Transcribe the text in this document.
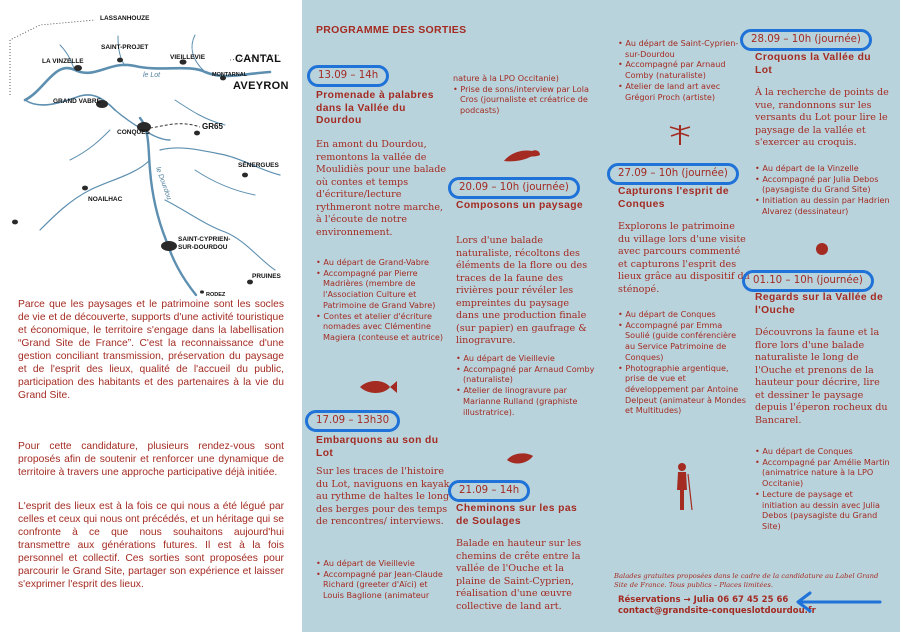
LASSANHOUZE
LA VINZELLE
SAINT-PROJET
VIEILLEVIE	CANTAL
le Lot	MONTARNAL
AVEYRON
GRAND VABRE
CONQUES
GR65
SÉNERGUES
le Dourdou
NOAILHAC
SAINT-CYPRIEN-
SUR-DOURDOU
PRUINES
RODEZ

Parce que les paysages et le patrimoine sont les socles de vie et de découverte, supports d'une activité touristique et économique, le territoire s'engage dans la labellisation “Grand Site de France”. C'est la reconnaissance d'une gestion conciliant transmission, préservation du paysage et de l'esprit des lieux, qualité de l'accueil du public, participation des habitants et des partenaires à la vie du Grand Site.

Pour cette candidature, plusieurs rendez-vous sont proposés afin de soutenir et renforcer une dynamique de territoire à travers une approche participative déjà initiée.

L'esprit des lieux est à la fois ce qui nous a été légué par celles et ceux qui nous ont précédés, et un héritage qui se confronte à ce que nous souhaitons aujourd'hui transmettre aux générations futures. Il est à la fois personnel et collectif. Ces sorties sont proposées pour parcourir le Grand Site, partager son expérience et laisser s'exprimer l'esprit des lieux.

PROGRAMME DES SORTIES
13.09 – 14h
Promenade à palabres dans la Vallée du Dourdou
En amont du Dourdou, remontons la vallée de Moulidiès pour une balade où contes et temps d'écriture/lecture rythmeront notre marche, à l'écoute de notre environnement.
• Au départ de Grand-Vabre
• Accompagné par Pierre Madrières (membre de l'Association Culture et Patrimoine de Grand Vabre)
• Contes et atelier d'écriture nomades avec Clémentine Magiera (conteuse et autrice)
17.09 – 13h30
Embarquons au son du Lot
Sur les traces de l'histoire du Lot, naviguons en kayak au rythme de haltes le long des berges pour des temps de rencontres/ interviews.
• Au départ de Vieillevie
• Accompagné par Jean-Claude Richard (greeter d'Aïci) et Louis Baglione (animateur
nature à la LPO Occitanie)
• Prise de sons/interview par Lola Cros (journaliste et créatrice de podcasts)
20.09 – 10h (journée)
Composons un paysage
Lors d'une balade naturaliste, récoltons des éléments de la flore ou des traces de la faune des rivières pour révéler les empreintes du paysage dans une production finale (sur papier) en gaufrage & linogravure.
• Au départ de Vieillevie
• Accompagné par Arnaud Comby (naturaliste)
• Atelier de linogravure par Marianne Rulland (graphiste illustratrice).
21.09 – 14h
Cheminons sur les pas de Soulages
Balade en hauteur sur les chemins de crête entre la vallée de l'Ouche et la plaine de Saint-Cyprien, réalisation d'une œuvre collective de land art.
• Au départ de Saint-Cyprien-sur-Dourdou
• Accompagné par Arnaud Comby (naturaliste)
• Atelier de land art avec Grégori Proch (artiste)
27.09 – 10h (journée)
Capturons l'esprit de Conques
Explorons le patrimoine du village lors d'une visite avec parcours commenté et capturons l'esprit des lieux grâce au dispositif du sténopé.
• Au départ de Conques
• Accompagné par Emma Soulié (guide conférencière au Service Patrimoine de Conques)
• Photographie argentique, prise de vue et développement par Antoine Delpeut (animateur à Mondes et Multitudes)
28.09 – 10h (journée)
Croquons la Vallée du Lot
À la recherche de points de vue, randonnons sur les versants du Lot pour lire le paysage de la vallée et s'exercer au croquis.
• Au départ de la Vinzelle
• Accompagné par Julia Debos (paysagiste du Grand Site)
• Initiation au dessin par Hadrien Alvarez (dessinateur)
01.10 – 10h (journée)
Regards sur la Vallée de l'Ouche
Découvrons la faune et la flore lors d'une balade naturaliste le long de l'Ouche et prenons de la hauteur pour décrire, lire et dessiner le paysage depuis l'éperon rocheux du Bancarel.
• Au départ de Conques
• Accompagné par Amélie Martin (animatrice nature à la LPO Occitanie)
• Lecture de paysage et initiation au dessin avec Julia Debos (paysagiste du Grand Site)
Balades gratuites proposées dans le cadre de la candidature au Label Grand Site de France. Tous publics – Places limitées.
Réservations → Julia 06 67 45 25 66
contact@grandsite-conqueslotdourdou.fr
